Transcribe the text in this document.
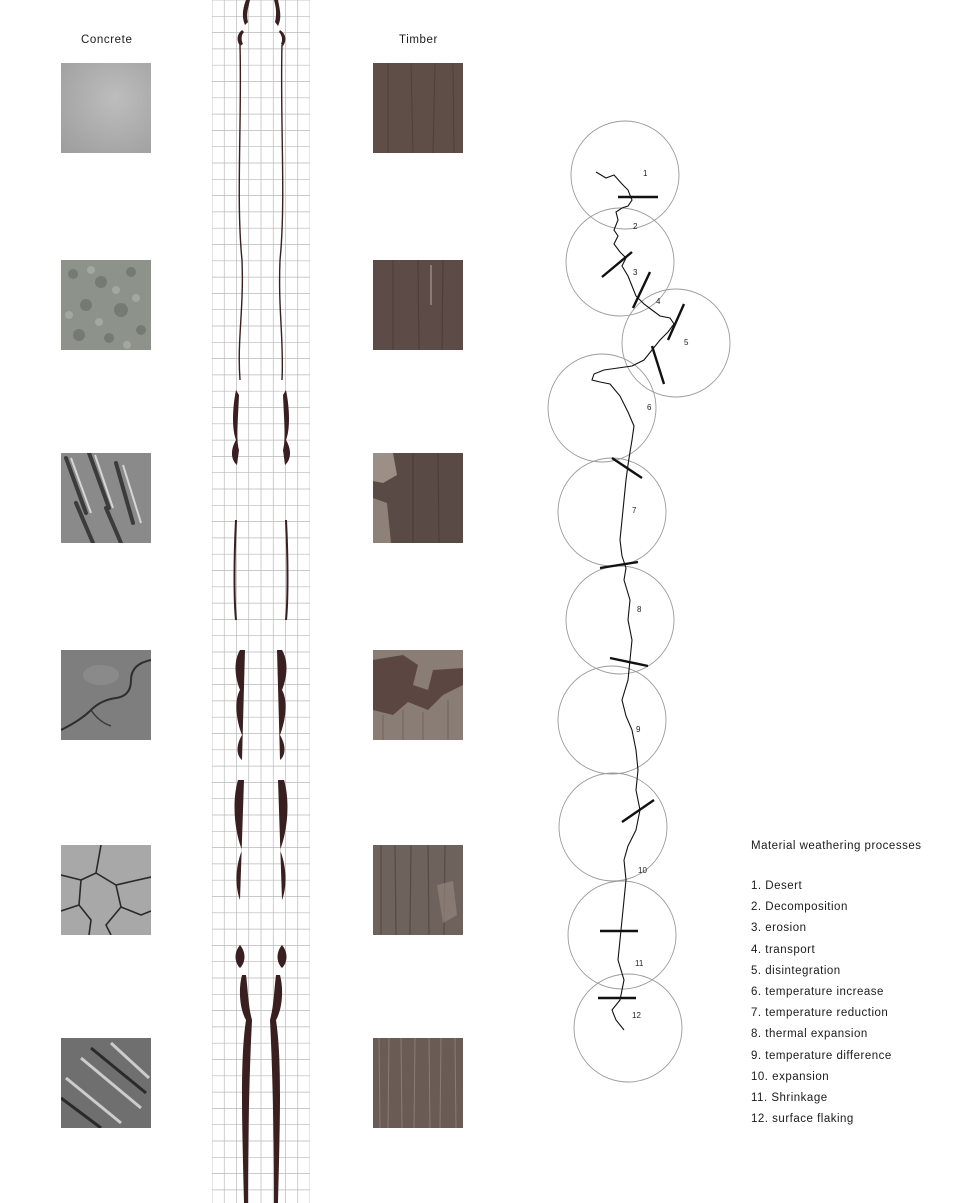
Concrete	Timber
1
2
3
4
5
6
7
8
9
10
11
12
Material weathering processes
1. Desert
2. Decomposition
3. erosion
4. transport
5. disintegration
6. temperature increase
7. temperature reduction
8. thermal expansion
9. temperature difference
10. expansion
11. Shrinkage
12. surface flaking
